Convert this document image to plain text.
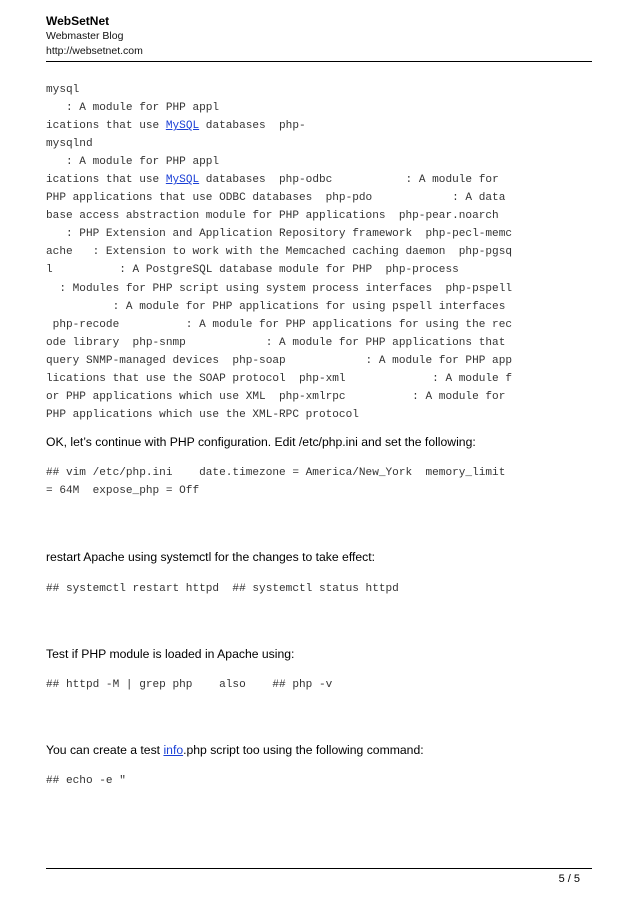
WebSetNet
Webmaster Blog
http://websetnet.com
mysql
: A module for PHP appl
ications that use MySQL databases  php-
mysqlnd
: A module for PHP appl
ications that use MySQL databases  php-odbc           : A module for
PHP applications that use ODBC databases  php-pdo            : A data
base access abstraction module for PHP applications  php-pear.noarch
: PHP Extension and Application Repository framework  php-pecl-memc
ache   : Extension to work with the Memcached caching daemon  php-pgsq
l          : A PostgreSQL database module for PHP  php-process
: Modules for PHP script using system process interfaces  php-pspell
: A module for PHP applications for using pspell interfaces
php-recode          : A module for PHP applications for using the rec
ode library  php-snmp            : A module for PHP applications that
query SNMP-managed devices  php-soap            : A module for PHP app
lications that use the SOAP protocol  php-xml             : A module f
or PHP applications which use XML  php-xmlrpc          : A module for
PHP applications which use the XML-RPC protocol
OK, let’s continue with PHP configuration. Edit /etc/php.ini and set the following:
## vim /etc/php.ini    date.timezone = America/New_York  memory_limit
= 64M  expose_php = Off
restart Apache using systemctl for the changes to take effect:
## systemctl restart httpd  ## systemctl status httpd
Test if PHP module is loaded in Apache using:
## httpd -M | grep php    also    ## php -v
You can create a test info.php script too using the following command:
## echo -e "
5 / 5
